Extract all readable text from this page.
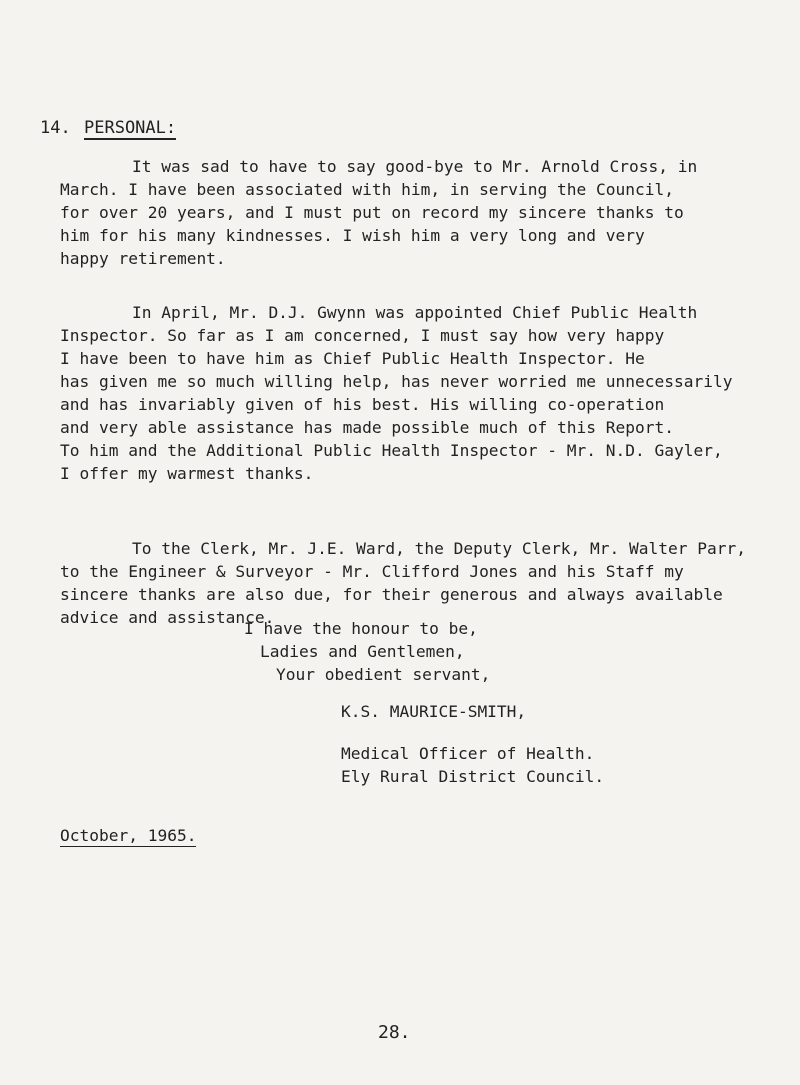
14. PERSONAL:
It was sad to have to say good-bye to Mr. Arnold Cross, in
March. I have been associated with him, in serving the Council,
for over 20 years, and I must put on record my sincere thanks to
him for his many kindnesses. I wish him a very long and very
happy retirement.
In April, Mr. D.J. Gwynn was appointed Chief Public Health
Inspector. So far as I am concerned, I must say how very happy
I have been to have him as Chief Public Health Inspector. He
has given me so much willing help, has never worried me unnecessarily
and has invariably given of his best. His willing co-operation
and very able assistance has made possible much of this Report.
To him and the Additional Public Health Inspector - Mr. N.D. Gayler,
I offer my warmest thanks.
To the Clerk, Mr. J.E. Ward, the Deputy Clerk, Mr. Walter Parr,
to the Engineer & Surveyor - Mr. Clifford Jones and his Staff my
sincere thanks are also due, for their generous and always available
advice and assistance.
I have the honour to be,
Ladies and Gentlemen,
Your obedient servant,
K.S. MAURICE-SMITH,
Medical Officer of Health.
Ely Rural District Council.
October, 1965.
28.
